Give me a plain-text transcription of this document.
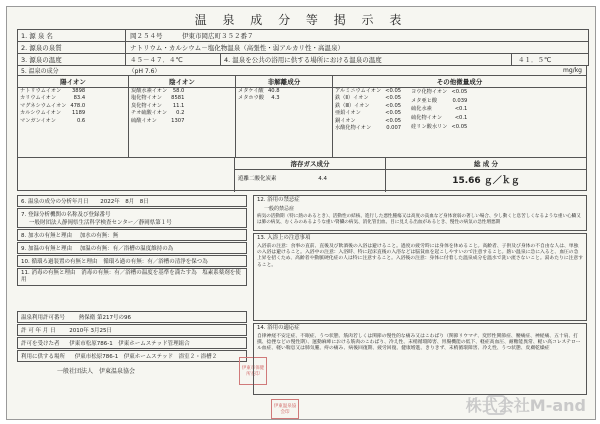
温 泉 成 分 等 掲 示 表
1. 源 泉 名	岡２５４号　　　伊東市岡広町３５２番７
2. 源泉の泉質	ナトリウム・カルシウム－塩化物温泉（高張性・弱アルカリ性・高温泉）
3. 源泉の温度	４５－４７．４℃	4. 温泉を公共の浴用に供する場所における温泉の温度	４１．５℃
5. 温泉の成分	（pH 7.6）	mg/kg
陽イオン
ナトリウムイオン	3898
カリウムイオン	83.4
マグネシウムイオン	478.0
カルシウムイオン	1189
マンガンイオン	0.6
陰イオン
炭酸水素イオン	58.0
塩化物イオン	8581
臭化物イオン	11.1
チオ硫酸イオン	0.2
硫酸イオン	1307
非解離成分
メタケイ酸	40.8
メタホウ酸	4.3
その他微量成分
アルミニウムイオン	<0.05
鉄（Ⅱ）イオン	<0.05
鉄（Ⅲ）イオン	<0.05
亜鉛イオン	<0.05
銅イオン	<0.05
水酸化物イオン	0.007
ヨウ化物イオン	<0.05
メタ亜ヒ酸	0.039
硫化水素	<0.1
硫化物イオン	<0.1
硅リン酸水リン	<0.05
溶存ガス成分
遊離二酸化炭素	4.4
総 成 分
15.66 ｇ／ｋｇ
6. 温泉の成分の分析年月日 2022年　8月　8日
7. 登録分析機関の名称及び登録番号
一般財団法人静岡県生活科学検査センター／静岡県第１号
8. 加水の有無と理由 加水の有無：無
9. 加温の有無と理由 加温の有無：有／浴槽の温度維持の為
10. 循環ろ過装置の有無と理由 循環ろ過の有無：有／浴槽の清浄を保つ為
11. 消毒の有無と理由 消毒の有無：有／浴槽の温度を基準を満たす為　塩素系薬剤を使用
温泉利用許可番号	熱保衛 第217号の96
許 可 年 月 日	2010年 3月25日
許可を受けた者 伊東市松原786-1　伊東ホームステッド管理組合
利用に供する場所 伊東市松原786-1　伊東ホームステッド　浴室２・浴槽２
一般社団法人　伊東温泉協会	伊東市保健所長印
伊東温泉協会印
12. 浴用の禁忌症
一般的禁忌症
病気の活動期（特に熱のあるとき）、活動性の結核、進行した悪性腫瘍又は高度の貧血など身体衰弱の著しい場合、少し動くと息苦しくなるような重い心臓又は肺の病気、むくみのあるような重い腎臓の病気、消化管出血、目に見える出血があるとき、慢性の病気の急性増悪期
13. 入浴上の注意事項
入浴前の注意：食事の直前、直後及び飲酒後の入浴は避けること。過度の疲労時には身体を休めること。高齢者、子供及び身体の不自由な人は、単独の入浴は避けること。入浴中の注意：入浴時、特に起床直後の入浴などは脳貧血を起こしやすいので注意すること。熱い温泉に急に入ると、血圧の急上昇を招くため、高齢者や動脈硬化症の人は特に注意すること。入浴後の注意：身体に付着した温泉成分を温水で洗い流さないこと。湯あたりに注意すること。
14. 浴用の適応症
自律神経不安定症、不眠症、うつ状態、筋肉若しくは関節の慢性的な痛み又はこわばり（関節リウマチ、変形性関節症、腰痛症、神経痛、五十肩、打撲、捻挫などの慢性期）、運動麻痺における筋肉のこわばり、冷え性、末梢循環障害、胃腸機能の低下、軽症高血圧、耐糖能異常、軽い高コレステロール血症、軽い喘息又は肺気腫、痔の痛み、病後回復期、疲労回復、健康増進、きりきず、末梢循環障害、冷え性、うつ状態、皮膚乾燥症
株式会社M-and
